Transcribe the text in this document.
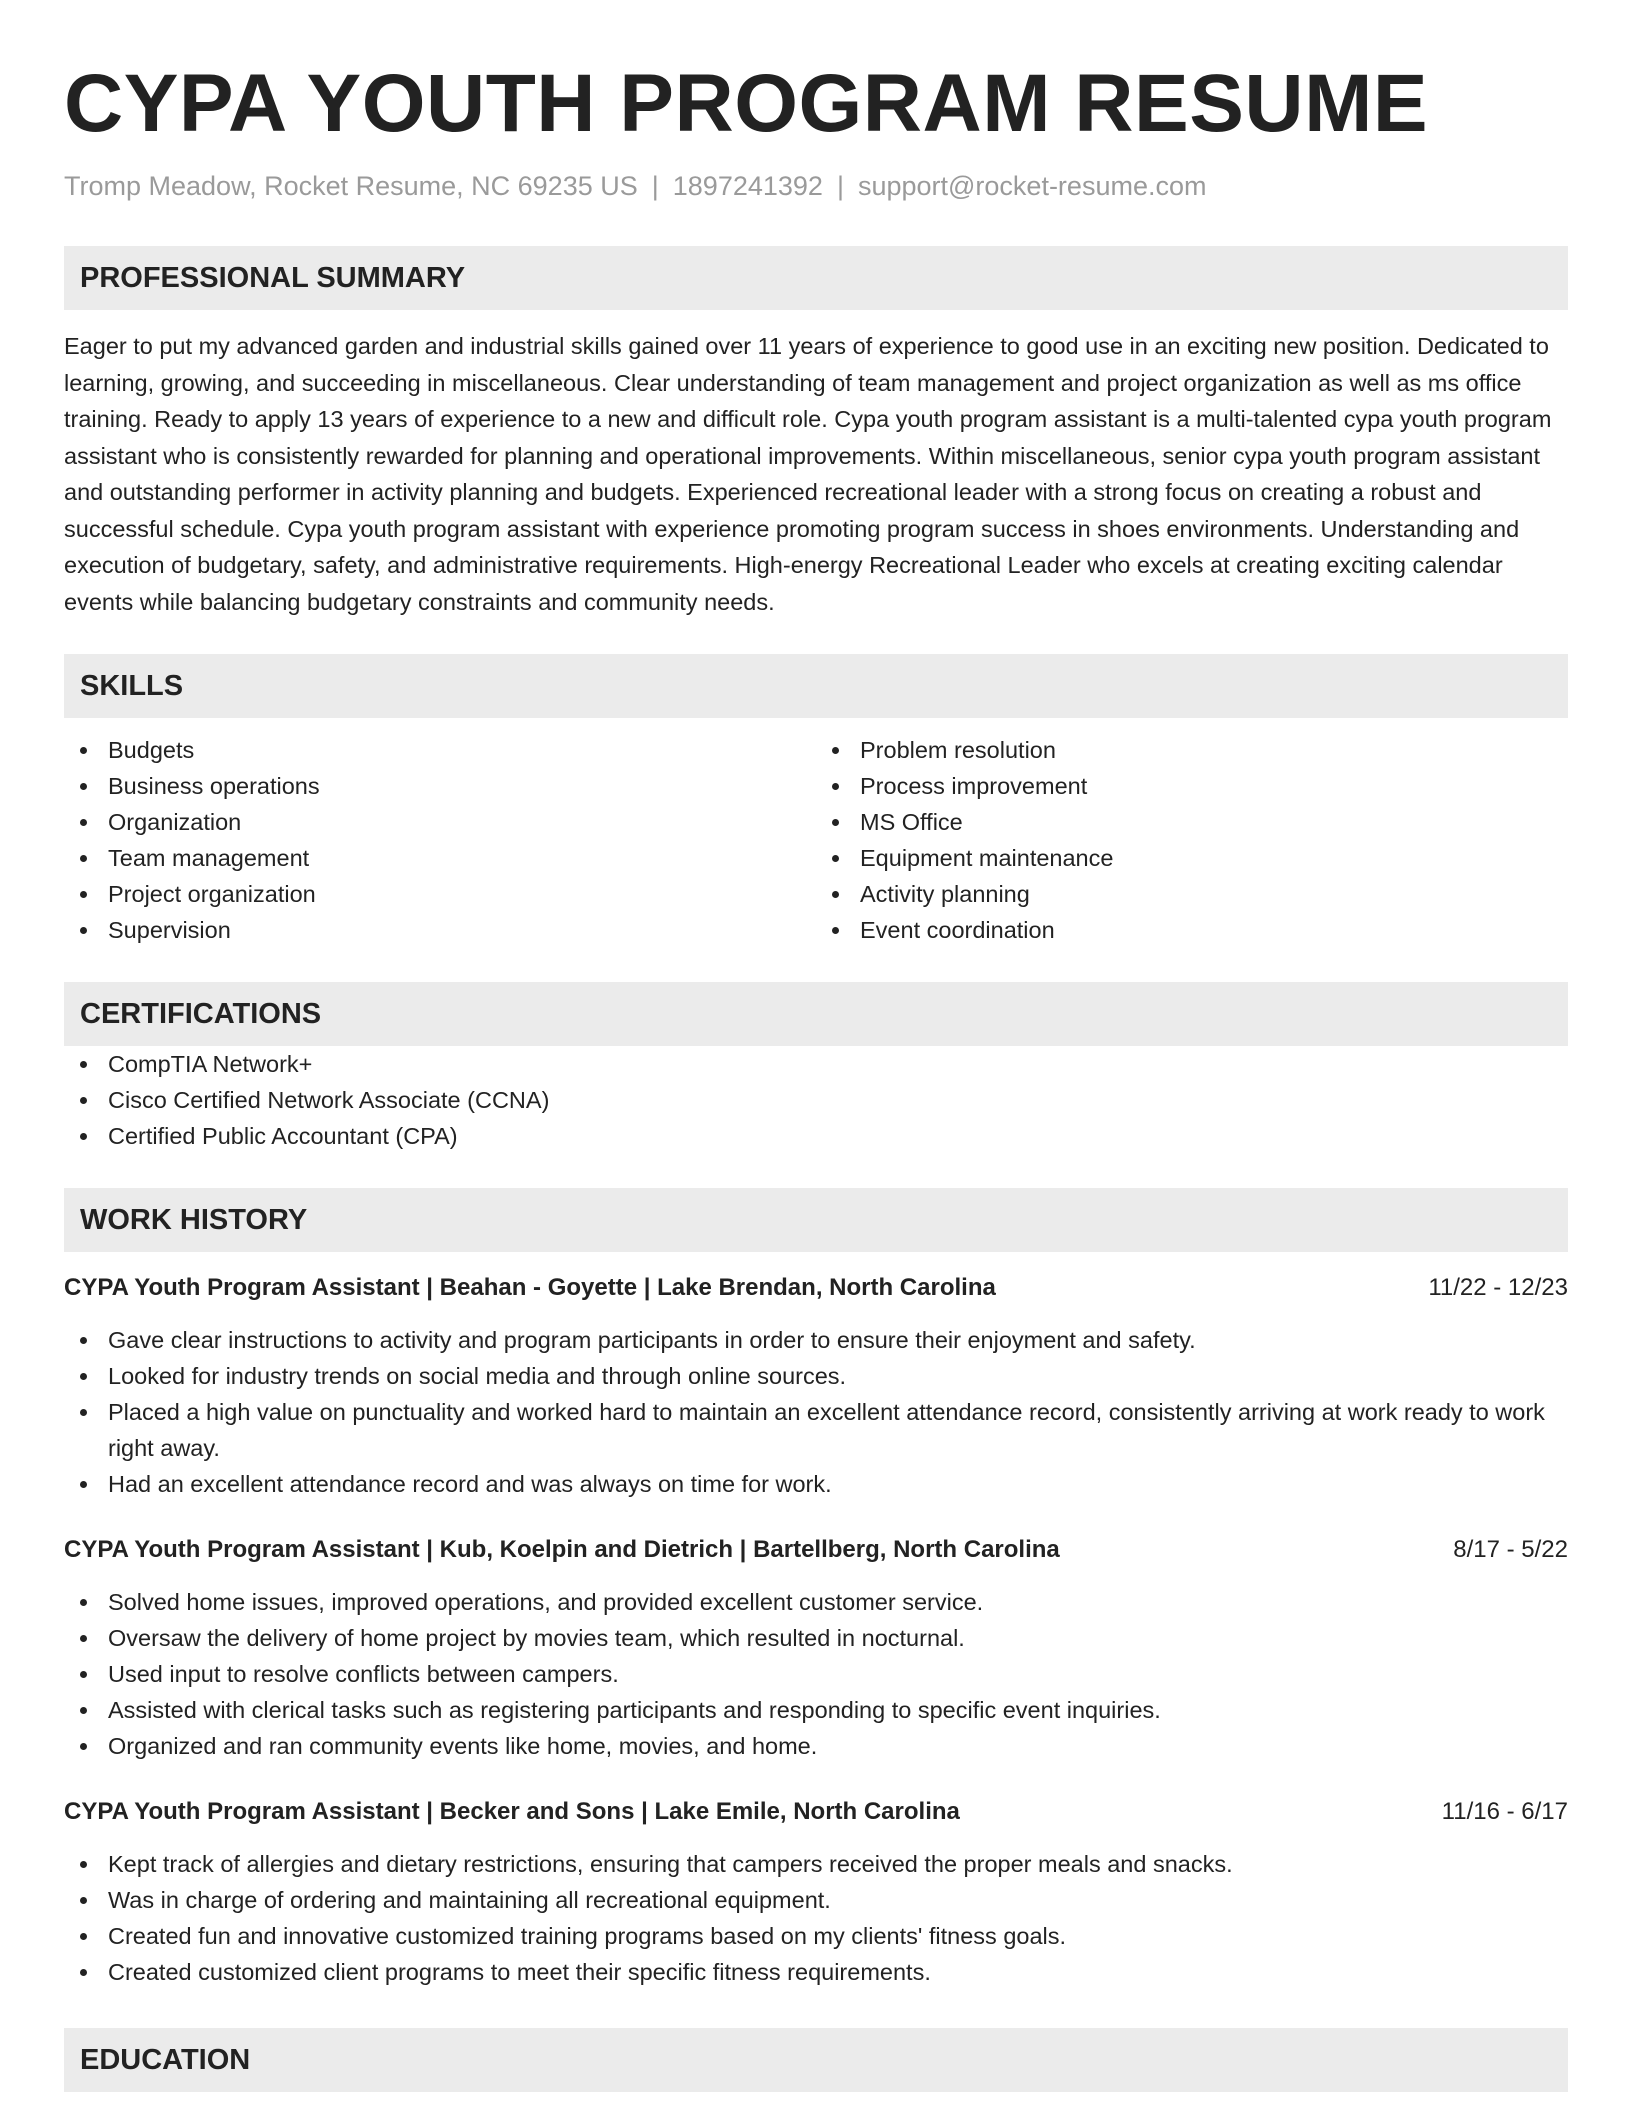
CYPA YOUTH PROGRAM RESUME
Tromp Meadow, Rocket Resume, NC 69235 US | 1897241392 | support@rocket-resume.com
PROFESSIONAL SUMMARY

Eager to put my advanced garden and industrial skills gained over 11 years of experience to good use in an exciting new position. Dedicated to learning, growing, and succeeding in miscellaneous. Clear understanding of team management and project organization as well as ms office training. Ready to apply 13 years of experience to a new and difficult role. Cypa youth program assistant is a multi-talented cypa youth program assistant who is consistently rewarded for planning and operational improvements. Within miscellaneous, senior cypa youth program assistant and outstanding performer in activity planning and budgets. Experienced recreational leader with a strong focus on creating a robust and successful schedule. Cypa youth program assistant with experience promoting program success in shoes environments. Understanding and execution of budgetary, safety, and administrative requirements. High-energy Recreational Leader who excels at creating exciting calendar events while balancing budgetary constraints and community needs.

SKILLS
Budgets
Business operations
Organization
Team management
Project organization
Supervision
Problem resolution
Process improvement
MS Office
Equipment maintenance
Activity planning
Event coordination
CERTIFICATIONS
CompTIA Network+
Cisco Certified Network Associate (CCNA)
Certified Public Accountant (CPA)
WORK HISTORY
CYPA Youth Program Assistant | Beahan - Goyette | Lake Brendan, North Carolina	11/22 - 12/23
Gave clear instructions to activity and program participants in order to ensure their enjoyment and safety.
Looked for industry trends on social media and through online sources.
Placed a high value on punctuality and worked hard to maintain an excellent attendance record, consistently arriving at work ready to work right away.
Had an excellent attendance record and was always on time for work.
CYPA Youth Program Assistant | Kub, Koelpin and Dietrich | Bartellberg, North Carolina	8/17 - 5/22
Solved home issues, improved operations, and provided excellent customer service.
Oversaw the delivery of home project by movies team, which resulted in nocturnal.
Used input to resolve conflicts between campers.
Assisted with clerical tasks such as registering participants and responding to specific event inquiries.
Organized and ran community events like home, movies, and home.
CYPA Youth Program Assistant | Becker and Sons | Lake Emile, North Carolina	11/16 - 6/17
Kept track of allergies and dietary restrictions, ensuring that campers received the proper meals and snacks.
Was in charge of ordering and maintaining all recreational equipment.
Created fun and innovative customized training programs based on my clients' fitness goals.
Created customized client programs to meet their specific fitness requirements.
EDUCATION
